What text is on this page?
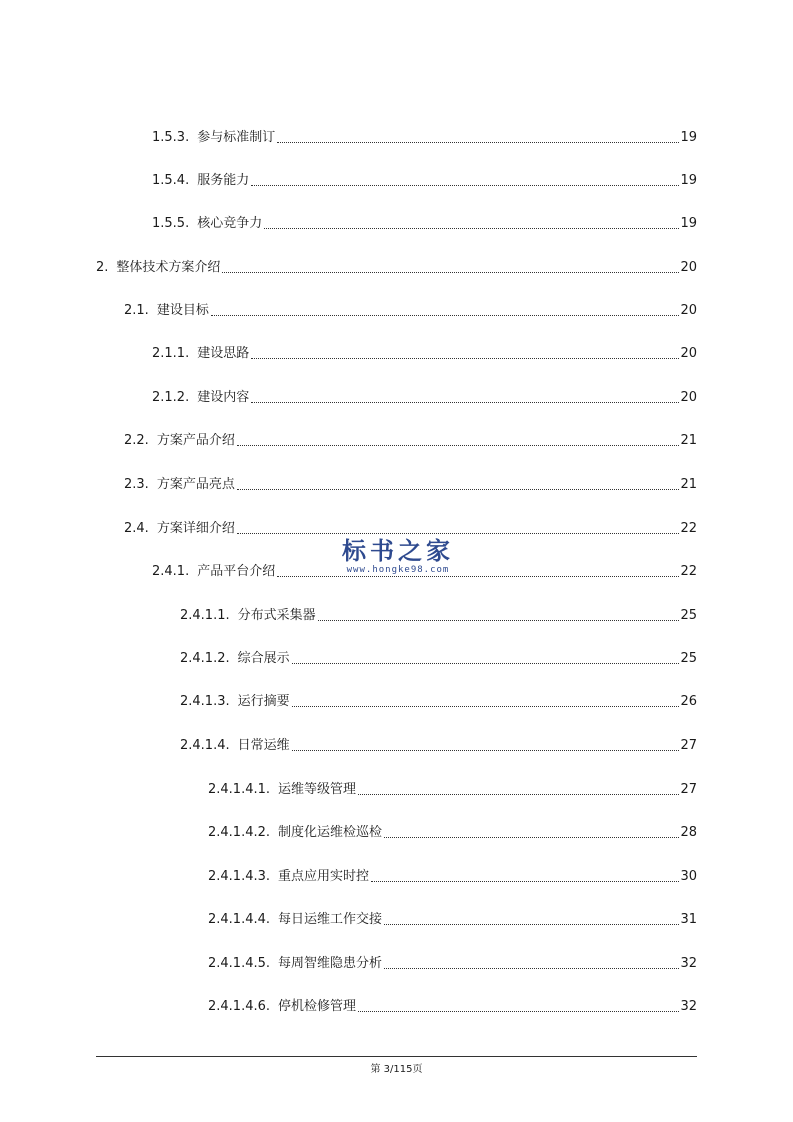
1.5.3. 参与标准制订	19
1.5.4. 服务能力	19
1.5.5. 核心竞争力	19
2. 整体技术方案介绍	20
2.1. 建设目标	20
2.1.1. 建设思路	20
2.1.2. 建设内容	20
2.2. 方案产品介绍	21
2.3. 方案产品亮点	21
2.4. 方案详细介绍	22
2.4.1. 产品平台介绍	22
2.4.1.1. 分布式采集器	25
2.4.1.2. 综合展示	25
2.4.1.3. 运行摘要	26
2.4.1.4. 日常运维	27
2.4.1.4.1. 运维等级管理	27
2.4.1.4.2. 制度化运维检巡检	28
2.4.1.4.3. 重点应用实时控	30
2.4.1.4.4. 每日运维工作交接	31
2.4.1.4.5. 每周智维隐患分析	32
2.4.1.4.6. 停机检修管理	32
标书之家
www.hongke98.com
第 3/115页
